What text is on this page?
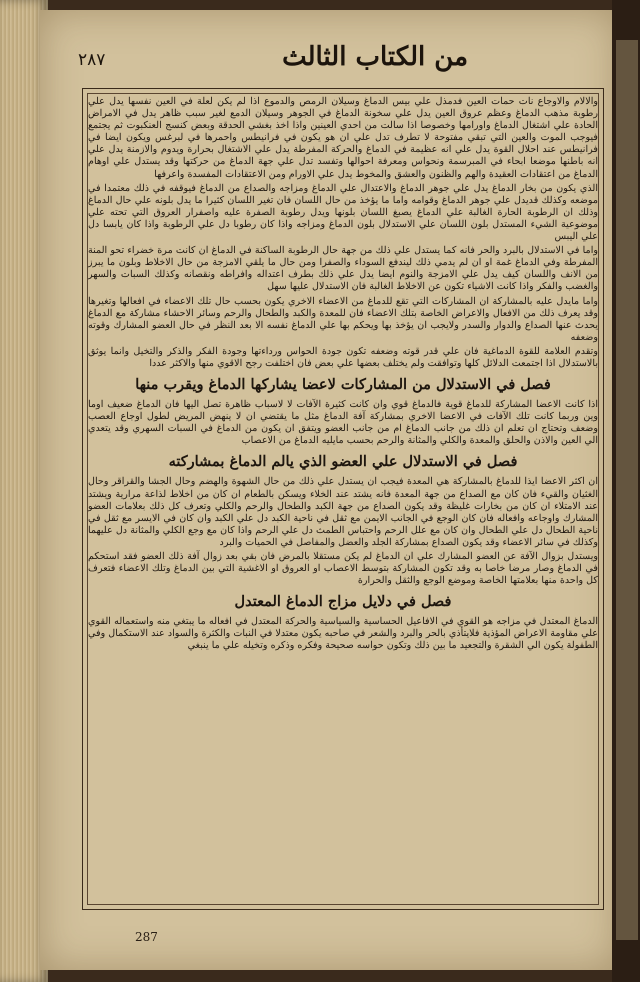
من الكتاب الثالث
٢٨٧

والالام والاوجاع نات حمات العين فدمذل علي بيس الدماغ وسيلان الرمص والدموع اذا لم يكن لعلة في العين نفسها يدل علي رطوبة مذهب الدماغ وعظم عروق العين يدل علي سخونة الدماغ في الجوهر وسيلان الدمع لغير سبب ظاهر يدل في الامراض الحادة علي اشتغال الدماغ واورامها وخصوصا اذا سالت من احدي العينين واذا اخذ بغشي الحدقة وبعض كنسج العنكبوت ثم يجتمع فيوجب الموت والعين التي تبقي مفتوحة لا تطرف تدل علي ان هو يكون في فرانيطس واحمرها في لبرغس ويكون ايضا في فرانيطس عند احلال القوة يدل علي انه عظيمة في الدماغ والحركة المفرطة يدل علي الاشتغال بحرارة ويدوم والازمنة يدل علي انه باطنها موضعا ابحاء في المبرسمة ونحواس ومعرفة احوالها وتفسد تدل علي جهة الدماغ من حركتها وقد يستدل علي اوهام الدماغ من اعتقادات العقيدة والهم والظنون والعشق والمخوط يدل علي الاورام ومن الاعتقادات المفسدة واعرفها

الذي يكون من بخار الدماغ يدل علي جوهر الدماغ والاعتدال علي الدماغ ومزاجه والصداع من الدماغ فيوقفه في ذلك معتمدا في موضعه وكذلك قديدل علي جوهر الدماغ وقوامه واما ما يؤخذ من حال اللسان فان تغير اللسان كثيرا ما يدل بلونه علي حال الدماغ وذلك ان الرطوبة الحارة الغالبة علي الدماغ يصبغ اللسان بلونها ويدل رطوبة الصفرة عليه واصفرار العروق التي تحته علي موضوعية الشيء المستدل بلون اللسان علي الاستدلال بلون الدماغ ومزاجه واذا كان رطوبا دل علي الرطوبة واذا كان يابسا دل علي اليبس

واما في الاستدلال بالبرد والحر فانه كما يستدل علي ذلك من جهة حال الرطوبة الساكنة في الدماغ ان كانت مرة خضراء تحو المنة المفرطة وفي الدماغ غمة او ان لم يدمي ذلك ليندفع السوداء والصفرا ومن حال ما يلقي الامزجة من حال الاخلاط وبلون ما يبرز من الانف واللسان كيف يدل علي الامزجة والنوم ايضا يدل علي ذلك بطرف اعتداله وافراطه ونقصانه وكذلك السبات والسهر والغضب والفكر واذا كانت الاشياء تكون عن الاخلاط الغالبة فان الاستدلال عليها سهل

واما مايدل عليه بالمشاركة ان المشاركات التي تقع للدماغ من الاعضاء الاخري يكون بحسب حال تلك الاعضاء في افعالها وتغيرها وقد يعرف ذلك من الافعال والاعراض الخاصة بتلك الاعضاء فان للمعدة والكبد والطحال والرحم وسائر الاحشاء مشاركة مع الدماغ يحدث عنها الصداع والدوار والسدر ولايجب ان يؤخذ بها ويحكم بها علي الدماغ نفسه الا بعد النظر في حال العضو المشارك وقوته وضعفه

وتقدم العلامة للقوة الدماغية فان علي قدر قوته وضعفه تكون جودة الحواس ورداءتها وجودة الفكر والذكر والتخيل وانما يوثق بالاستدلال اذا اجتمعت الدلائل كلها وتوافقت ولم يختلف بعضها علي بعض فان اختلفت رجح الاقوي منها والاكثر عددا

فصل في الاستدلال من المشاركات لاعضا يشاركها الدماغ ويقرب منها

اذا كانت الاعضا المشاركة للدماغ قوية فالدماغ قوي وان كانت كثيرة الآفات لا لاسباب ظاهرة تصل اليها فان الدماغ ضعيف اوما وين وربما كانت تلك الآفات في الاعضا الاخري بمشاركة آفة الدماغ مثل ما يقتضي ان لا ينهض المريض لطول اوجاع العصب وضعف وتحتاج ان تعلم ان ذلك من جانب الدماغ ام من جانب العضو ويتفق ان يكون من الدماغ في السبات السهري وقد يتعدي الي العين والاذن والحلق والمعدة والكلي والمثانة والرحم بحسب مايليه الدماغ من الاعصاب

فصل في الاستدلال علي العضو الذي يالم الدماغ بمشاركته

ان اكثر الاعضا ايذا للدماغ بالمشاركة هي المعدة فيجب ان يستدل علي ذلك من حال الشهوة والهضم وحال الجشا والقراقر وحال الغثيان والقيء فان كان مع الصداع من جهة المعدة فانه يشتد عند الخلاء ويسكن بالطعام ان كان من اخلاط لذاعة مرارية ويشتد عند الامتلاء ان كان من بخارات غليظة وقد يكون الصداع من جهة الكبد والطحال والرحم والكلي وتعرف كل ذلك بعلامات العضو المشارك واوجاعه وافعاله فان كان الوجع في الجانب الايمن مع ثقل في ناحية الكبد دل علي الكبد وان كان في الايسر مع ثقل في ناحية الطحال دل علي الطحال وان كان مع علل الرحم واحتباس الطمث دل علي الرحم واذا كان مع وجع الكلي والمثانة دل عليهما وكذلك في سائر الاعضاء وقد يكون الصداع بمشاركة الجلد والعضل والمفاصل في الحميات والبرد

ويستدل بزوال الآفة عن العضو المشارك علي ان الدماغ لم يكن مستقلا بالمرض فان بقي بعد زوال آفة ذلك العضو فقد استحكم في الدماغ وصار مرضا خاصا به وقد تكون المشاركة بتوسط الاعصاب او العروق او الاغشية التي بين الدماغ وتلك الاعضاء فتعرف كل واحدة منها بعلامتها الخاصة وموضع الوجع والثقل والحرارة

فصل في دلايل مزاج الدماغ المعتدل

الدماغ المعتدل في مزاجه هو القوي في الافاعيل الحساسية والسياسية والحركة المعتدل في افعاله ما يبتغي منه واستعماله القوي علي مقاومة الاعراض المؤذية فلايتأذي بالحر والبرد والشعر في صاحبه يكون معتدلا في النبات والكثرة والسواد عند الاستكمال وفي الطفولة يكون الي الشقرة والتجعيد ما بين ذلك وتكون حواسه صحيحة وفكره وذكره وتخيله علي ما ينبغي

287
